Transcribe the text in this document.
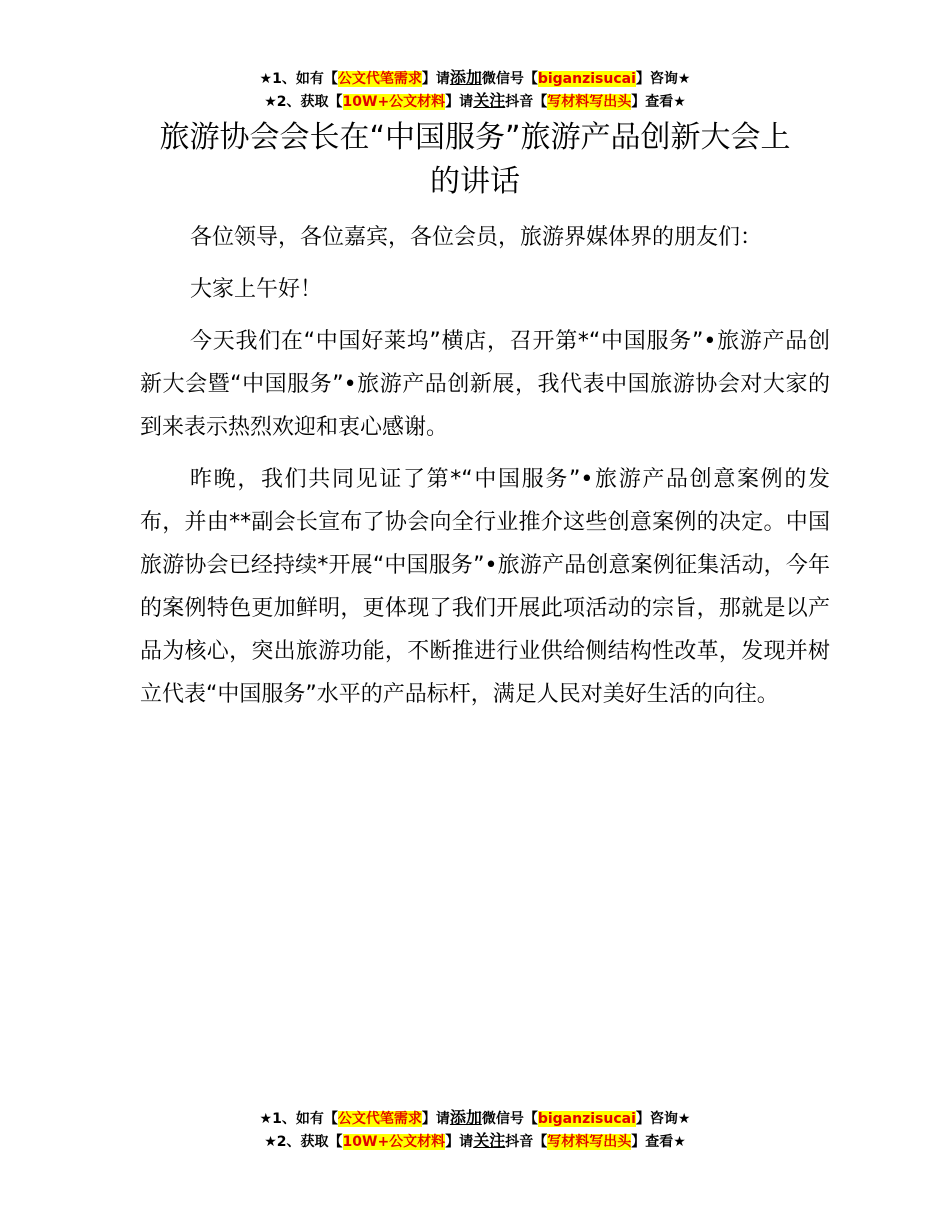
★1、如有【公文代笔需求】请添加微信号【biganzisucai】咨询★
★2、获取【10W+公文材料】请关注抖音【写材料写出头】查看★
旅游协会会长在“中国服务”旅游产品创新大会上的讲话

各位领导，各位嘉宾，各位会员，旅游界媒体界的朋友们：

大家上午好！

今天我们在“中国好莱坞”横店，召开第*“中国服务”•旅游产品创新大会暨“中国服务”•旅游产品创新展，我代表中国旅游协会对大家的到来表示热烈欢迎和衷心感谢。

昨晚，我们共同见证了第*“中国服务”•旅游产品创意案例的发布，并由**副会长宣布了协会向全行业推介这些创意案例的决定。中国旅游协会已经持续*开展“中国服务”•旅游产品创意案例征集活动，今年的案例特色更加鲜明，更体现了我们开展此项活动的宗旨，那就是以产品为核心，突出旅游功能，不断推进行业供给侧结构性改革，发现并树立代表“中国服务”水平的产品标杆，满足人民对美好生活的向往。

★1、如有【公文代笔需求】请添加微信号【biganzisucai】咨询★
★2、获取【10W+公文材料】请关注抖音【写材料写出头】查看★
